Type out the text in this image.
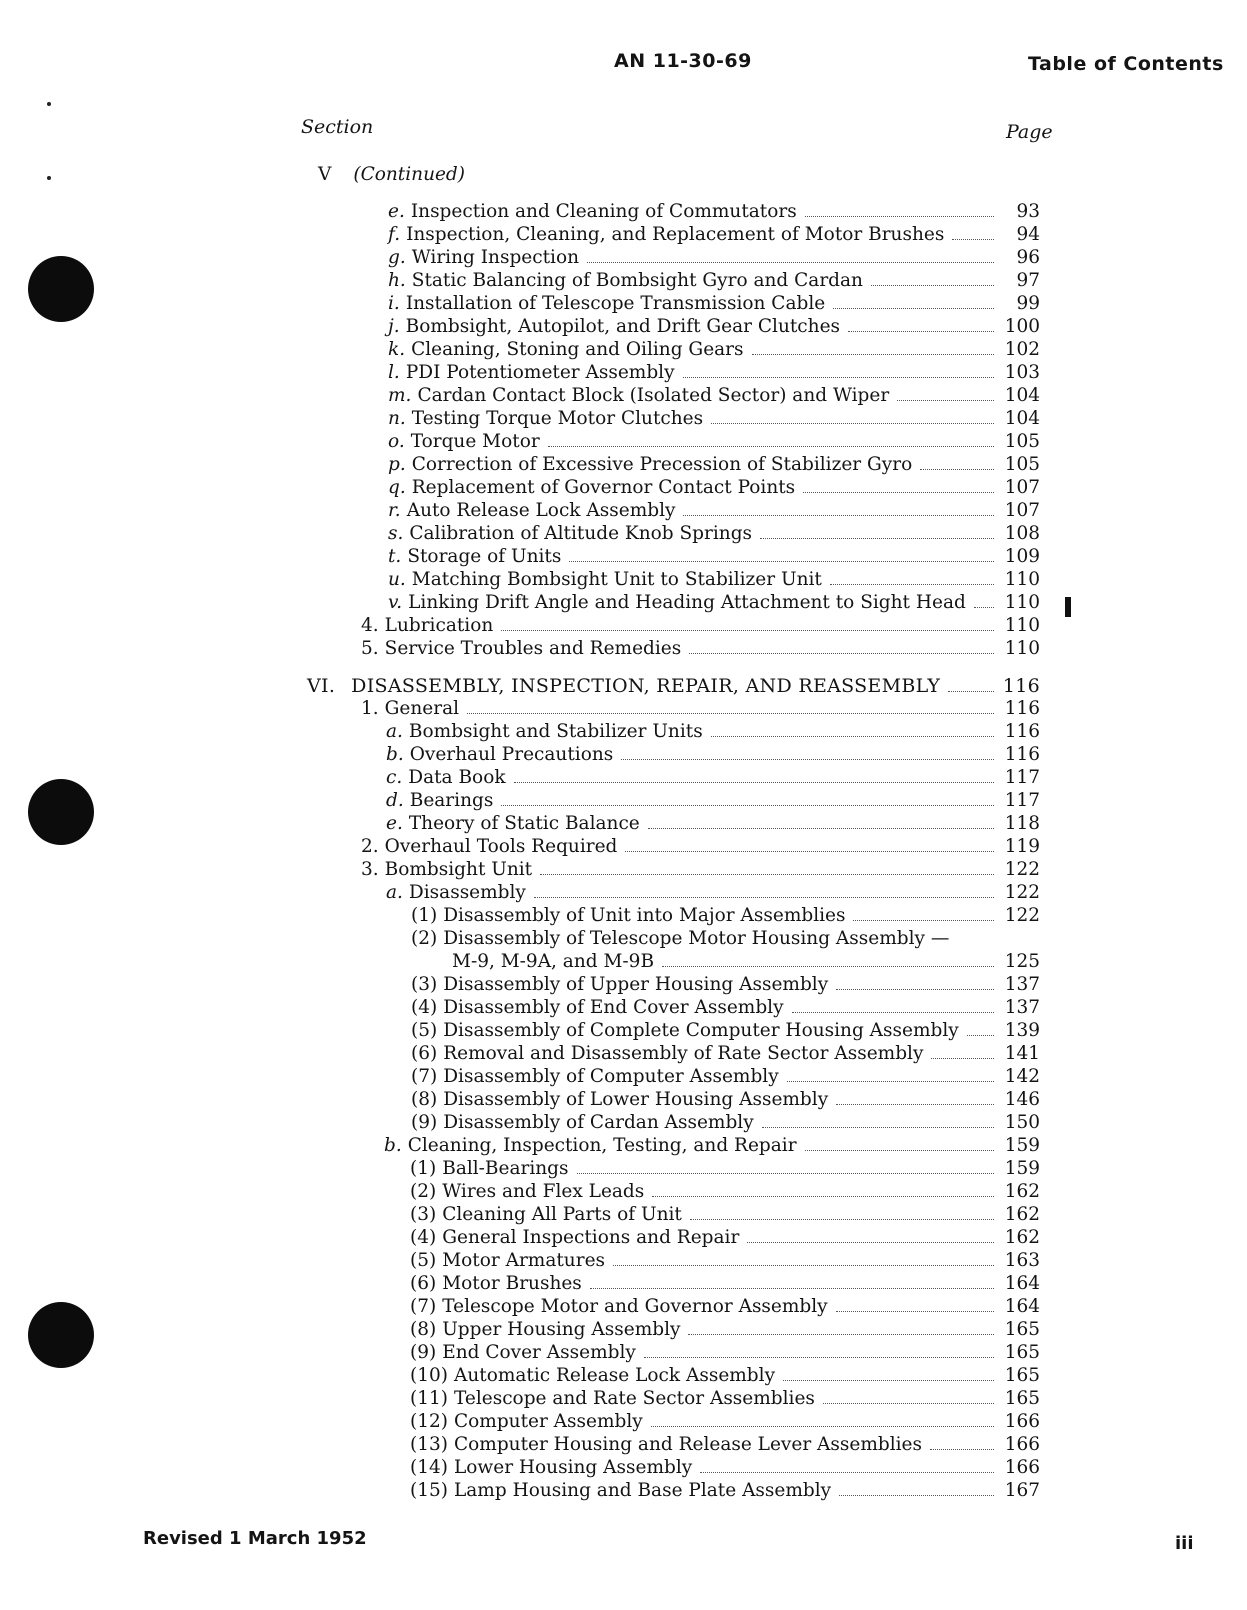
AN 11-30-69	Table of Contents
Section	Page
V (Continued)
e. Inspection and Cleaning of Commutators	93
f. Inspection, Cleaning, and Replacement of Motor Brushes	94
g. Wiring Inspection	96
h. Static Balancing of Bombsight Gyro and Cardan	97
i. Installation of Telescope Transmission Cable	99
j. Bombsight, Autopilot, and Drift Gear Clutches	100
k. Cleaning, Stoning and Oiling Gears	102
l. PDI Potentiometer Assembly	103
m. Cardan Contact Block (Isolated Sector) and Wiper	104
n. Testing Torque Motor Clutches	104
o. Torque Motor	105
p. Correction of Excessive Precession of Stabilizer Gyro	105
q. Replacement of Governor Contact Points	107
r. Auto Release Lock Assembly	107
s. Calibration of Altitude Knob Springs	108
t. Storage of Units	109
u. Matching Bombsight Unit to Stabilizer Unit	110
v. Linking Drift Angle and Heading Attachment to Sight Head 110
4. Lubrication	110
5. Service Troubles and Remedies	110
VI. DISASSEMBLY, INSPECTION, REPAIR, AND REASSEMBLY	116
1. General	116
a. Bombsight and Stabilizer Units	116
b. Overhaul Precautions	116
c. Data Book	117
d. Bearings	117
e. Theory of Static Balance	118
2. Overhaul Tools Required	119
3. Bombsight Unit	122
a. Disassembly	122
(1) Disassembly of Unit into Major Assemblies	122
(2) Disassembly of Telescope Motor Housing Assembly —
M-9, M-9A, and M-9B	125
(3) Disassembly of Upper Housing Assembly	137
(4) Disassembly of End Cover Assembly	137
(5) Disassembly of Complete Computer Housing Assembly 139
(6) Removal and Disassembly of Rate Sector Assembly	141
(7) Disassembly of Computer Assembly	142
(8) Disassembly of Lower Housing Assembly	146
(9) Disassembly of Cardan Assembly	150
b. Cleaning, Inspection, Testing, and Repair	159
(1) Ball-Bearings	159
(2) Wires and Flex Leads	162
(3) Cleaning All Parts of Unit	162
(4) General Inspections and Repair	162
(5) Motor Armatures	163
(6) Motor Brushes	164
(7) Telescope Motor and Governor Assembly	164
(8) Upper Housing Assembly	165
(9) End Cover Assembly	165
(10) Automatic Release Lock Assembly	165
(11) Telescope and Rate Sector Assemblies	165
(12) Computer Assembly	166
(13) Computer Housing and Release Lever Assemblies	166
(14) Lower Housing Assembly	166
(15) Lamp Housing and Base Plate Assembly	167
Revised 1 March 1952	iii
